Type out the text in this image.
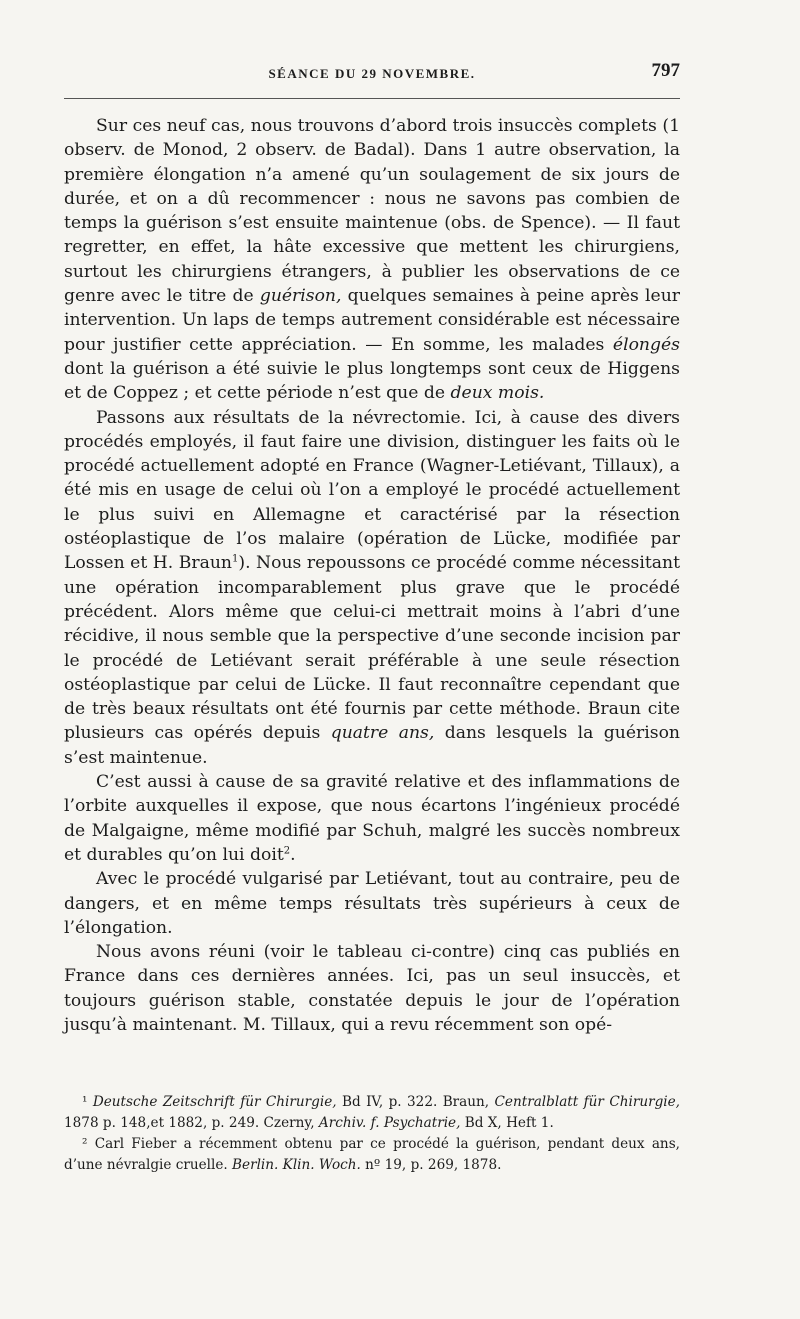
SÉANCE DU 29 NOVEMBRE.	797

Sur ces neuf cas, nous trouvons d’abord trois insuccès complets (1 observ. de Monod, 2 observ. de Badal). Dans 1 autre observation, la première élongation n’a amené qu’un soulagement de six jours de durée, et on a dû recommencer : nous ne savons pas combien de temps la guérison s’est ensuite maintenue (obs. de Spence). — Il faut regretter, en effet, la hâte excessive que mettent les chirurgiens, surtout les chirurgiens étrangers, à publier les observations de ce genre avec le titre de guérison, quelques semaines à peine après leur intervention. Un laps de temps autrement considérable est nécessaire pour justifier cette appréciation. — En somme, les malades élongés dont la guérison a été suivie le plus longtemps sont ceux de Higgens et de Coppez ; et cette période n’est que de deux mois.

Passons aux résultats de la névrectomie. Ici, à cause des divers procédés employés, il faut faire une division, distinguer les faits où le procédé actuellement adopté en France (Wagner-Letiévant, Tillaux), a été mis en usage de celui où l’on a employé le procédé actuellement le plus suivi en Allemagne et caractérisé par la résection ostéoplastique de l’os malaire (opération de Lücke, modifiée par Lossen et H. Braun$^1$). Nous repoussons ce procédé comme nécessitant une opération incomparablement plus grave que le procédé précédent. Alors même que celui-ci mettrait moins à l’abri d’une récidive, il nous semble que la perspective d’une seconde incision par le procédé de Letiévant serait préférable à une seule résection ostéoplastique par celui de Lücke. Il faut reconnaître cependant que de très beaux résultats ont été fournis par cette méthode. Braun cite plusieurs cas opérés depuis quatre ans, dans lesquels la guérison s’est maintenue.

C’est aussi à cause de sa gravité relative et des inflammations de l’orbite auxquelles il expose, que nous écartons l’ingénieux procédé de Malgaigne, même modifié par Schuh, malgré les succès nombreux et durables qu’on lui doit$^2$.

Avec le procédé vulgarisé par Letiévant, tout au contraire, peu de dangers, et en même temps résultats très supérieurs à ceux de l’élongation.

Nous avons réuni (voir le tableau ci-contre) cinq cas publiés en France dans ces dernières années. Ici, pas un seul insuccès, et toujours guérison stable, constatée depuis le jour de l’opération jusqu’à maintenant. M. Tillaux, qui a revu récemment son opé-

¹ Deutsche Zeitschrift für Chirurgie, Bd IV, p. 322. Braun, Centralblatt für Chirurgie, 1878 p. 148,et 1882, p. 249. Czerny, Archiv. f. Psychatrie, Bd X, Heft 1.

² Carl Fieber a récemment obtenu par ce procédé la guérison, pendant deux ans, d’une névralgie cruelle. Berlin. Klin. Woch. nº 19, p. 269, 1878.
